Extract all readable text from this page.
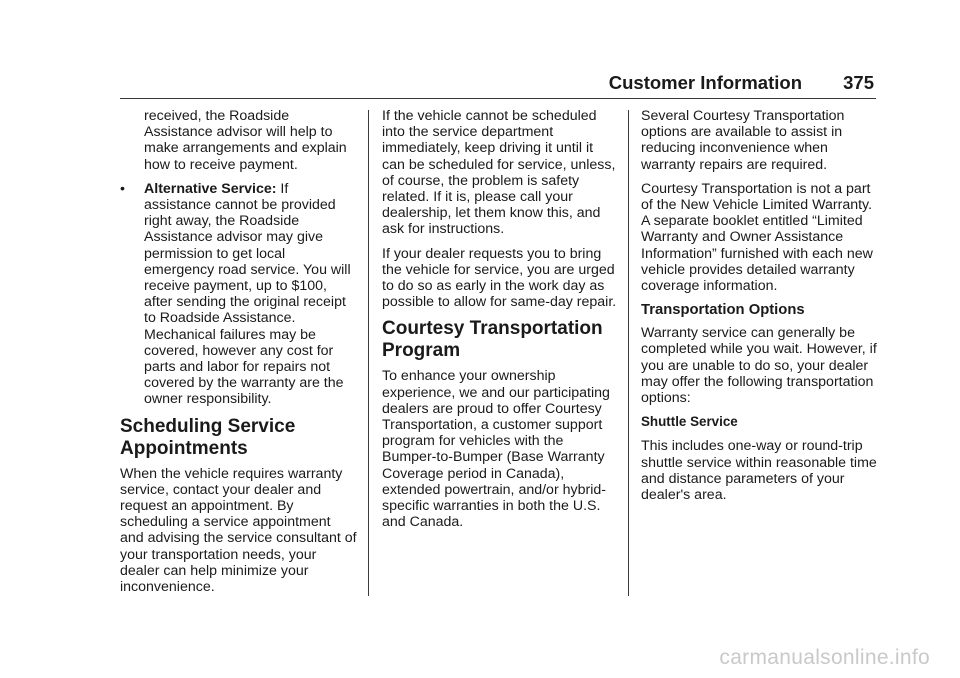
Customer Information 375

received, the Roadside Assistance advisor will help to make arrangements and explain how to receive payment.

• Alternative Service: If assistance cannot be provided right away, the Roadside Assistance advisor may give permission to get local emergency road service. You will receive payment, up to $100, after sending the original receipt to Roadside Assistance. Mechanical failures may be covered, however any cost for parts and labor for repairs not covered by the warranty are the owner responsibility.
Scheduling Service Appointments

When the vehicle requires warranty service, contact your dealer and request an appointment. By scheduling a service appointment and advising the service consultant of your transportation needs, your dealer can help minimize your inconvenience.

If the vehicle cannot be scheduled into the service department immediately, keep driving it until it can be scheduled for service, unless, of course, the problem is safety related. If it is, please call your dealership, let them know this, and ask for instructions.

If your dealer requests you to bring the vehicle for service, you are urged to do so as early in the work day as possible to allow for same-day repair.

Courtesy Transportation Program

To enhance your ownership experience, we and our participating dealers are proud to offer Courtesy Transportation, a customer support program for vehicles with the Bumper-to-Bumper (Base Warranty Coverage period in Canada), extended powertrain, and/or hybrid-specific warranties in both the U.S. and Canada.

Several Courtesy Transportation options are available to assist in reducing inconvenience when warranty repairs are required.

Courtesy Transportation is not a part of the New Vehicle Limited Warranty. A separate booklet entitled “Limited Warranty and Owner Assistance Information” furnished with each new vehicle provides detailed warranty coverage information.

Transportation Options

Warranty service can generally be completed while you wait. However, if you are unable to do so, your dealer may offer the following transportation options:

Shuttle Service

This includes one-way or round-trip shuttle service within reasonable time and distance parameters of your dealer's area.

carmanualsonline.info
